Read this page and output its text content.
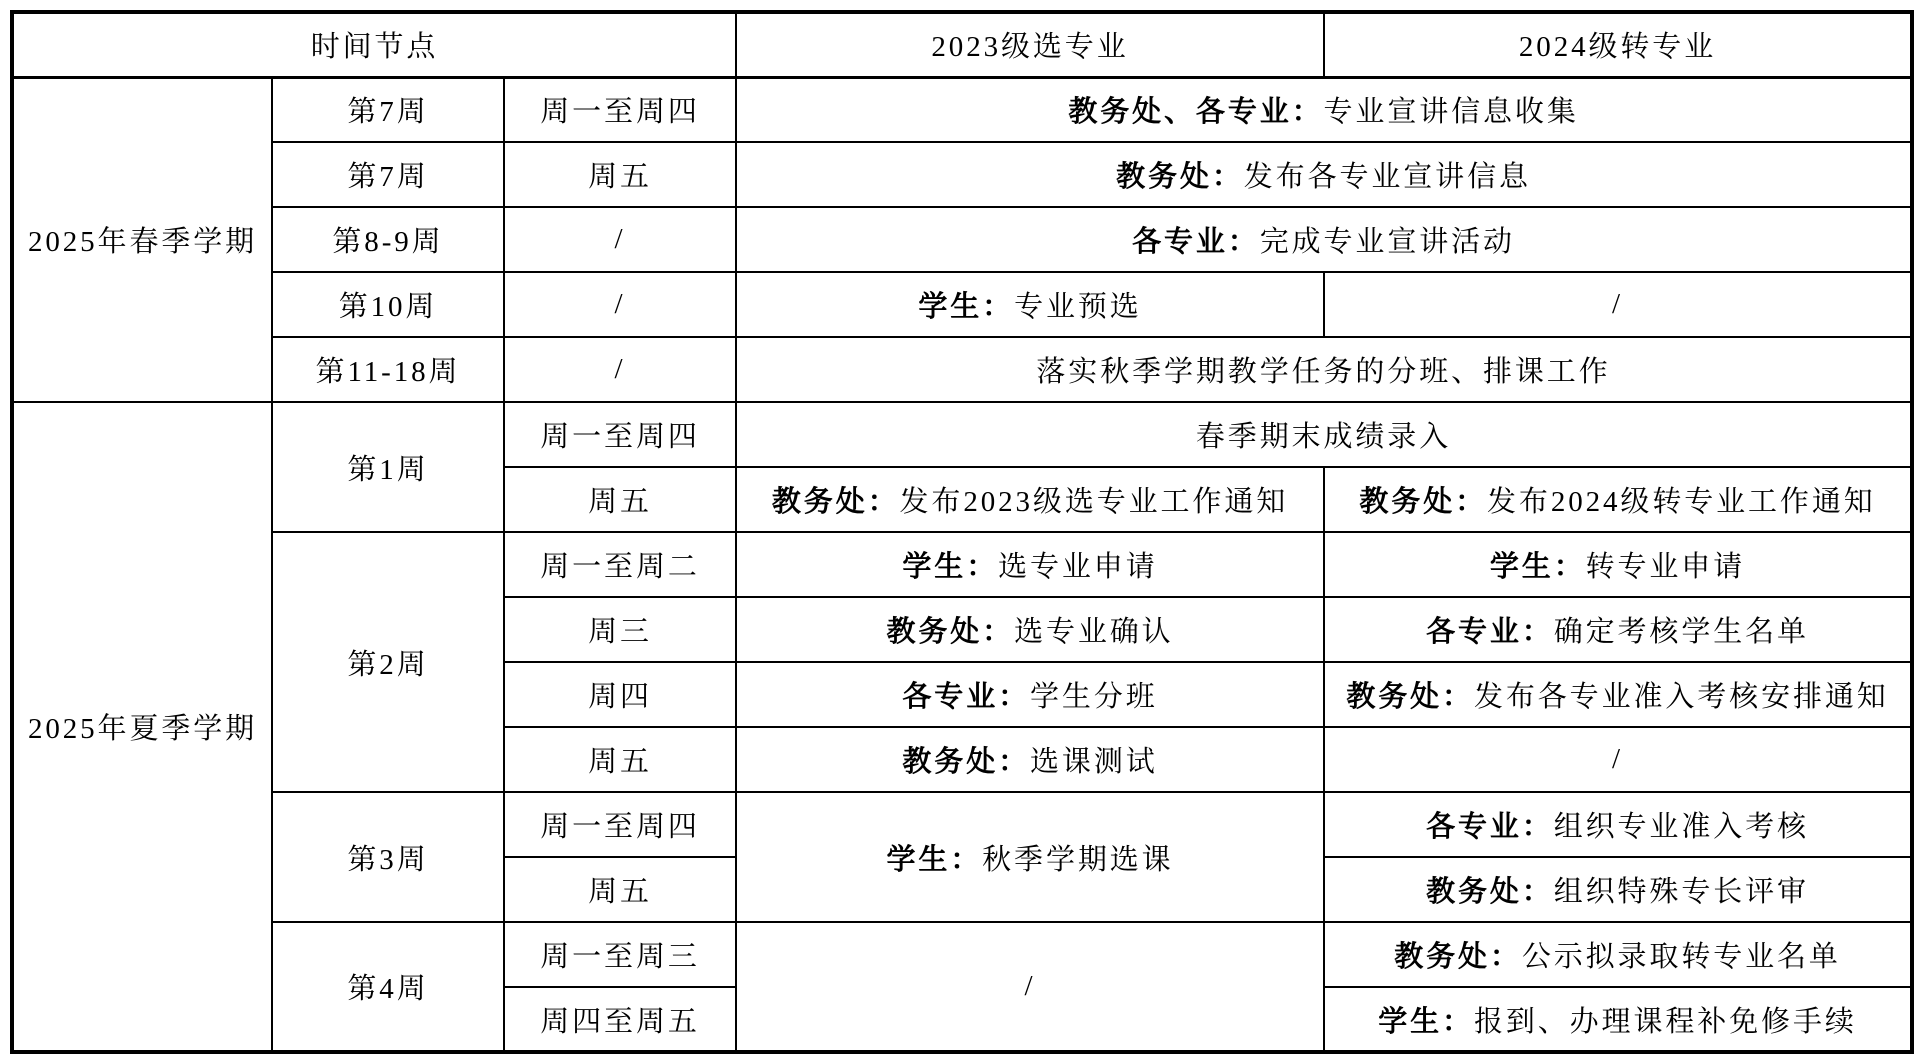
时间节点			2023级选专业	2024级转专业
2025年春季学期	第7周	周一至周四	教务处、各专业：专业宣讲信息收集	
	第7周	周五	教务处：发布各专业宣讲信息	
	第8-9周	/	各专业：完成专业宣讲活动	
	第10周	/	学生：专业预选	/
	第11-18周	/	落实秋季学期教学任务的分班、排课工作	
2025年夏季学期	第1周	周一至周四	春季期末成绩录入	
		周五	教务处：发布2023级选专业工作通知	教务处：发布2024级转专业工作通知
	第2周	周一至周二	学生：选专业申请	学生：转专业申请
		周三	教务处：选专业确认	各专业：确定考核学生名单
		周四	各专业：学生分班	教务处：发布各专业准入考核安排通知
		周五	教务处：选课测试	/
	第3周	周一至周四	学生：秋季学期选课	各专业：组织专业准入考核
		周五		教务处：组织特殊专长评审
	第4周	周一至周三	/	教务处：公示拟录取转专业名单
		周四至周五		学生：报到、办理课程补免修手续
